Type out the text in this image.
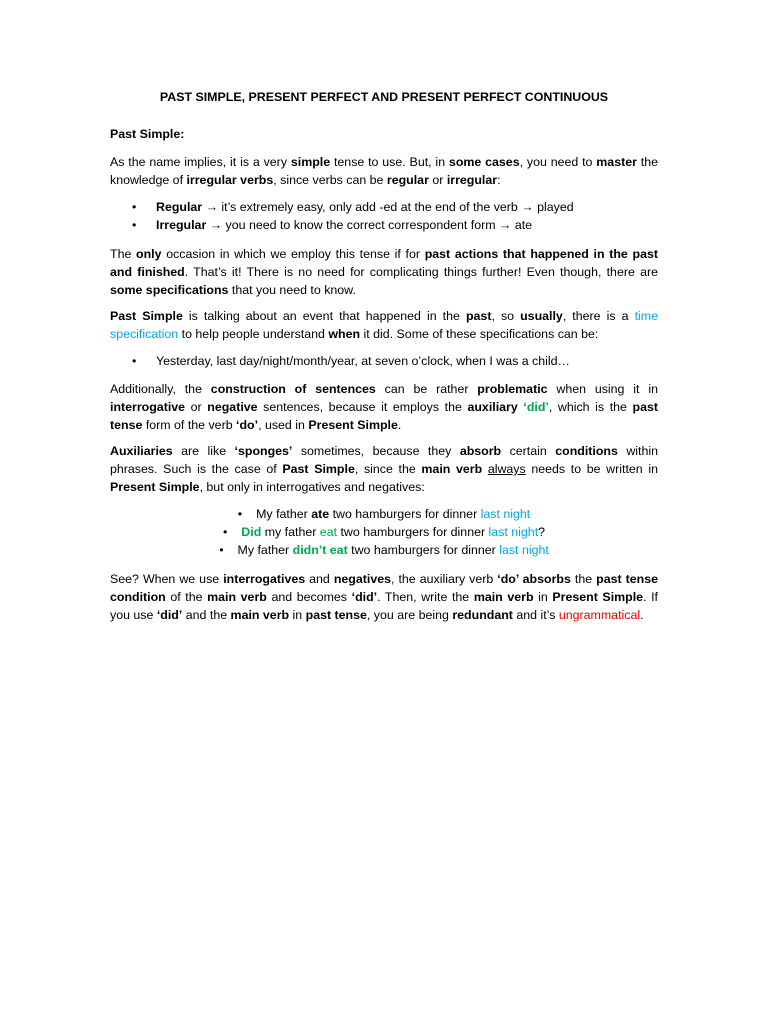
PAST SIMPLE, PRESENT PERFECT AND PRESENT PERFECT CONTINUOUS
Past Simple:

As the name implies, it is a very simple tense to use. But, in some cases, you need to master the knowledge of irregular verbs, since verbs can be regular or irregular:

• Regular → it’s extremely easy, only add -ed at the end of the verb → played
• Irregular → you need to know the correct correspondent form → ate

The only occasion in which we employ this tense if for past actions that happened in the past and finished. That’s it! There is no need for complicating things further! Even though, there are some specifications that you need to know.

Past Simple is talking about an event that happened in the past, so usually, there is a time specification to help people understand when it did. Some of these specifications can be:

• Yesterday, last day/night/month/year, at seven o’clock, when I was a child…

Additionally, the construction of sentences can be rather problematic when using it in interrogative or negative sentences, because it employs the auxiliary ‘did’, which is the past tense form of the verb ‘do’, used in Present Simple.

Auxiliaries are like ‘sponges’ sometimes, because they absorb certain conditions within phrases. Such is the case of Past Simple, since the main verb always needs to be written in Present Simple, but only in interrogatives and negatives:

• My father ate two hamburgers for dinner last night
• Did my father eat two hamburgers for dinner last night?
• My father didn’t eat two hamburgers for dinner last night

See? When we use interrogatives and negatives, the auxiliary verb ‘do’ absorbs the past tense condition of the main verb and becomes ‘did’. Then, write the main verb in Present Simple. If you use ‘did’ and the main verb in past tense, you are being redundant and it’s ungrammatical.
